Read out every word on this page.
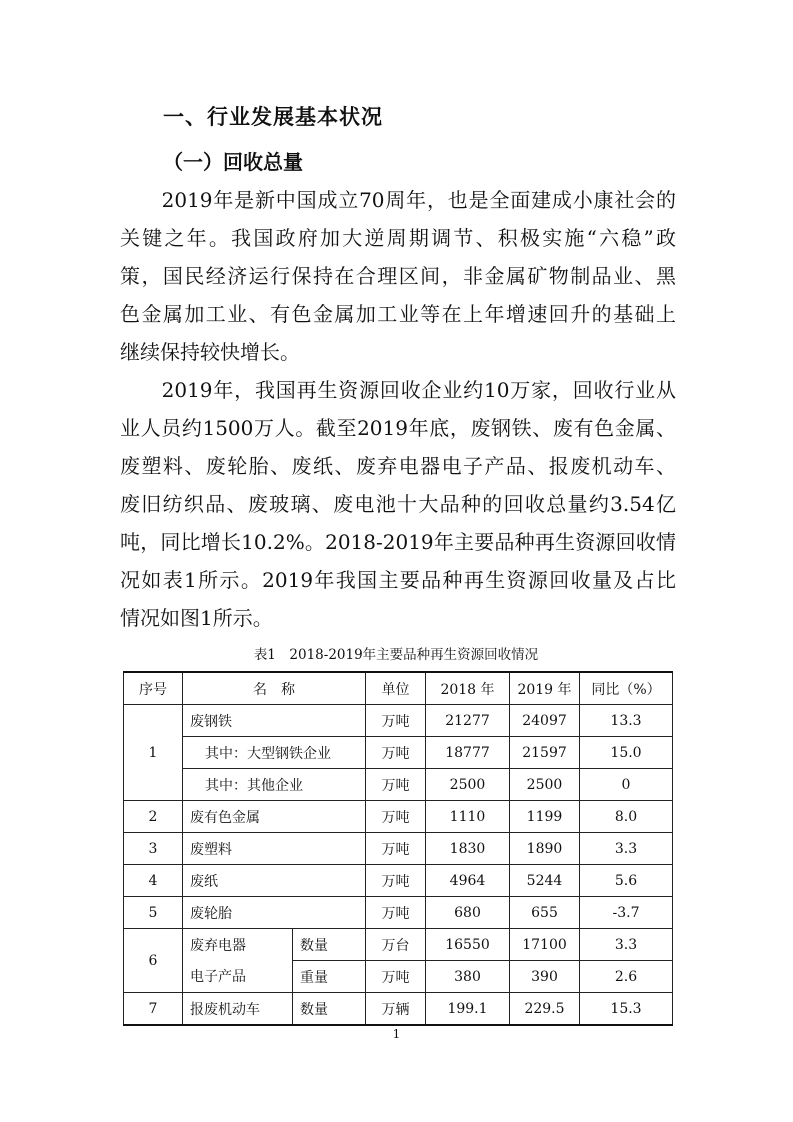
一、行业发展基本状况
（一）回收总量
　　2019年是新中国成立70周年，也是全面建成小康社会的
关键之年。我国政府加大逆周期调节、积极实施“六稳”政
策，国民经济运行保持在合理区间，非金属矿物制品业、黑
色金属加工业、有色金属加工业等在上年增速回升的基础上
继续保持较快增长。
　　2019年，我国再生资源回收企业约10万家，回收行业从
业人员约1500万人。截至2019年底，废钢铁、废有色金属、
废塑料、废轮胎、废纸、废弃电器电子产品、报废机动车、
废旧纺织品、废玻璃、废电池十大品种的回收总量约3.54亿
吨，同比增长10.2%。2018-2019年主要品种再生资源回收情
况如表1所示。2019年我国主要品种再生资源回收量及占比
情况如图1所示。
表1　2018-2019年主要品种再生资源回收情况
序号	名　称		单位	2018 年	2019 年	同比（%）
1	废钢铁		万吨	21277	24097	13.3
	其中：大型钢铁企业		万吨	18777	21597	15.0
	其中：其他企业		万吨	2500	2500	0
2	废有色金属		万吨	1110	1199	8.0
3	废塑料		万吨	1830	1890	3.3
4	废纸		万吨	4964	5244	5.6
5	废轮胎		万吨	680	655	-3.7
6	废弃电器	数量	万台	16550	17100	3.3
	电子产品	重量	万吨	380	390	2.6
7	报废机动车	数量	万辆	199.1	229.5	15.3
1
